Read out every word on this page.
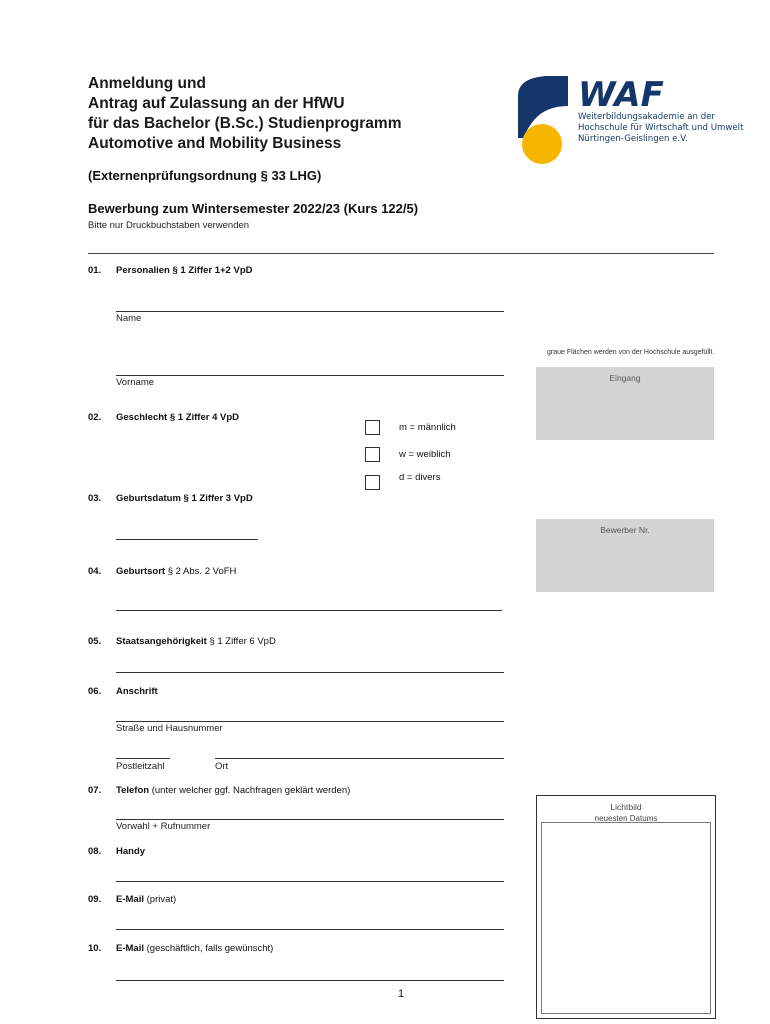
Anmeldung und
Antrag auf Zulassung an der HfWU
für das Bachelor (B.Sc.) Studienprogramm
Automotive and Mobility Business
(Externenprüfungsordnung § 33 LHG)
Bewerbung zum Wintersemester 2022/23 (Kurs 122/5)
Bitte nur Druckbuchstaben verwenden
WAF
Weiterbildungsakademie an der
Hochschule für Wirtschaft und Umwelt
Nürtingen-Geislingen e.V.
01. Personalien § 1 Ziffer 1+2 VpD
Name
Vorname
graue Flächen werden von der Hochschule ausgefüllt.
Eingang
Bewerber Nr.
02. Geschlecht § 1 Ziffer 4 VpD
m = männlich
w = weiblich
d = divers
03. Geburtsdatum § 1 Ziffer 3 VpD
04. Geburtsort § 2 Abs. 2 VoFH
05. Staatsangehörigkeit § 1 Ziffer 6 VpD
06. Anschrift
Straße und Hausnummer
Postleitzahl	Ort
07. Telefon (unter welcher ggf. Nachfragen geklärt werden)
Vorwahl + Rufnummer
Lichtbild
neuesten Datums
08. Handy
09. E-Mail (privat)
10. E-Mail (geschäftlich, falls gewünscht)
1
